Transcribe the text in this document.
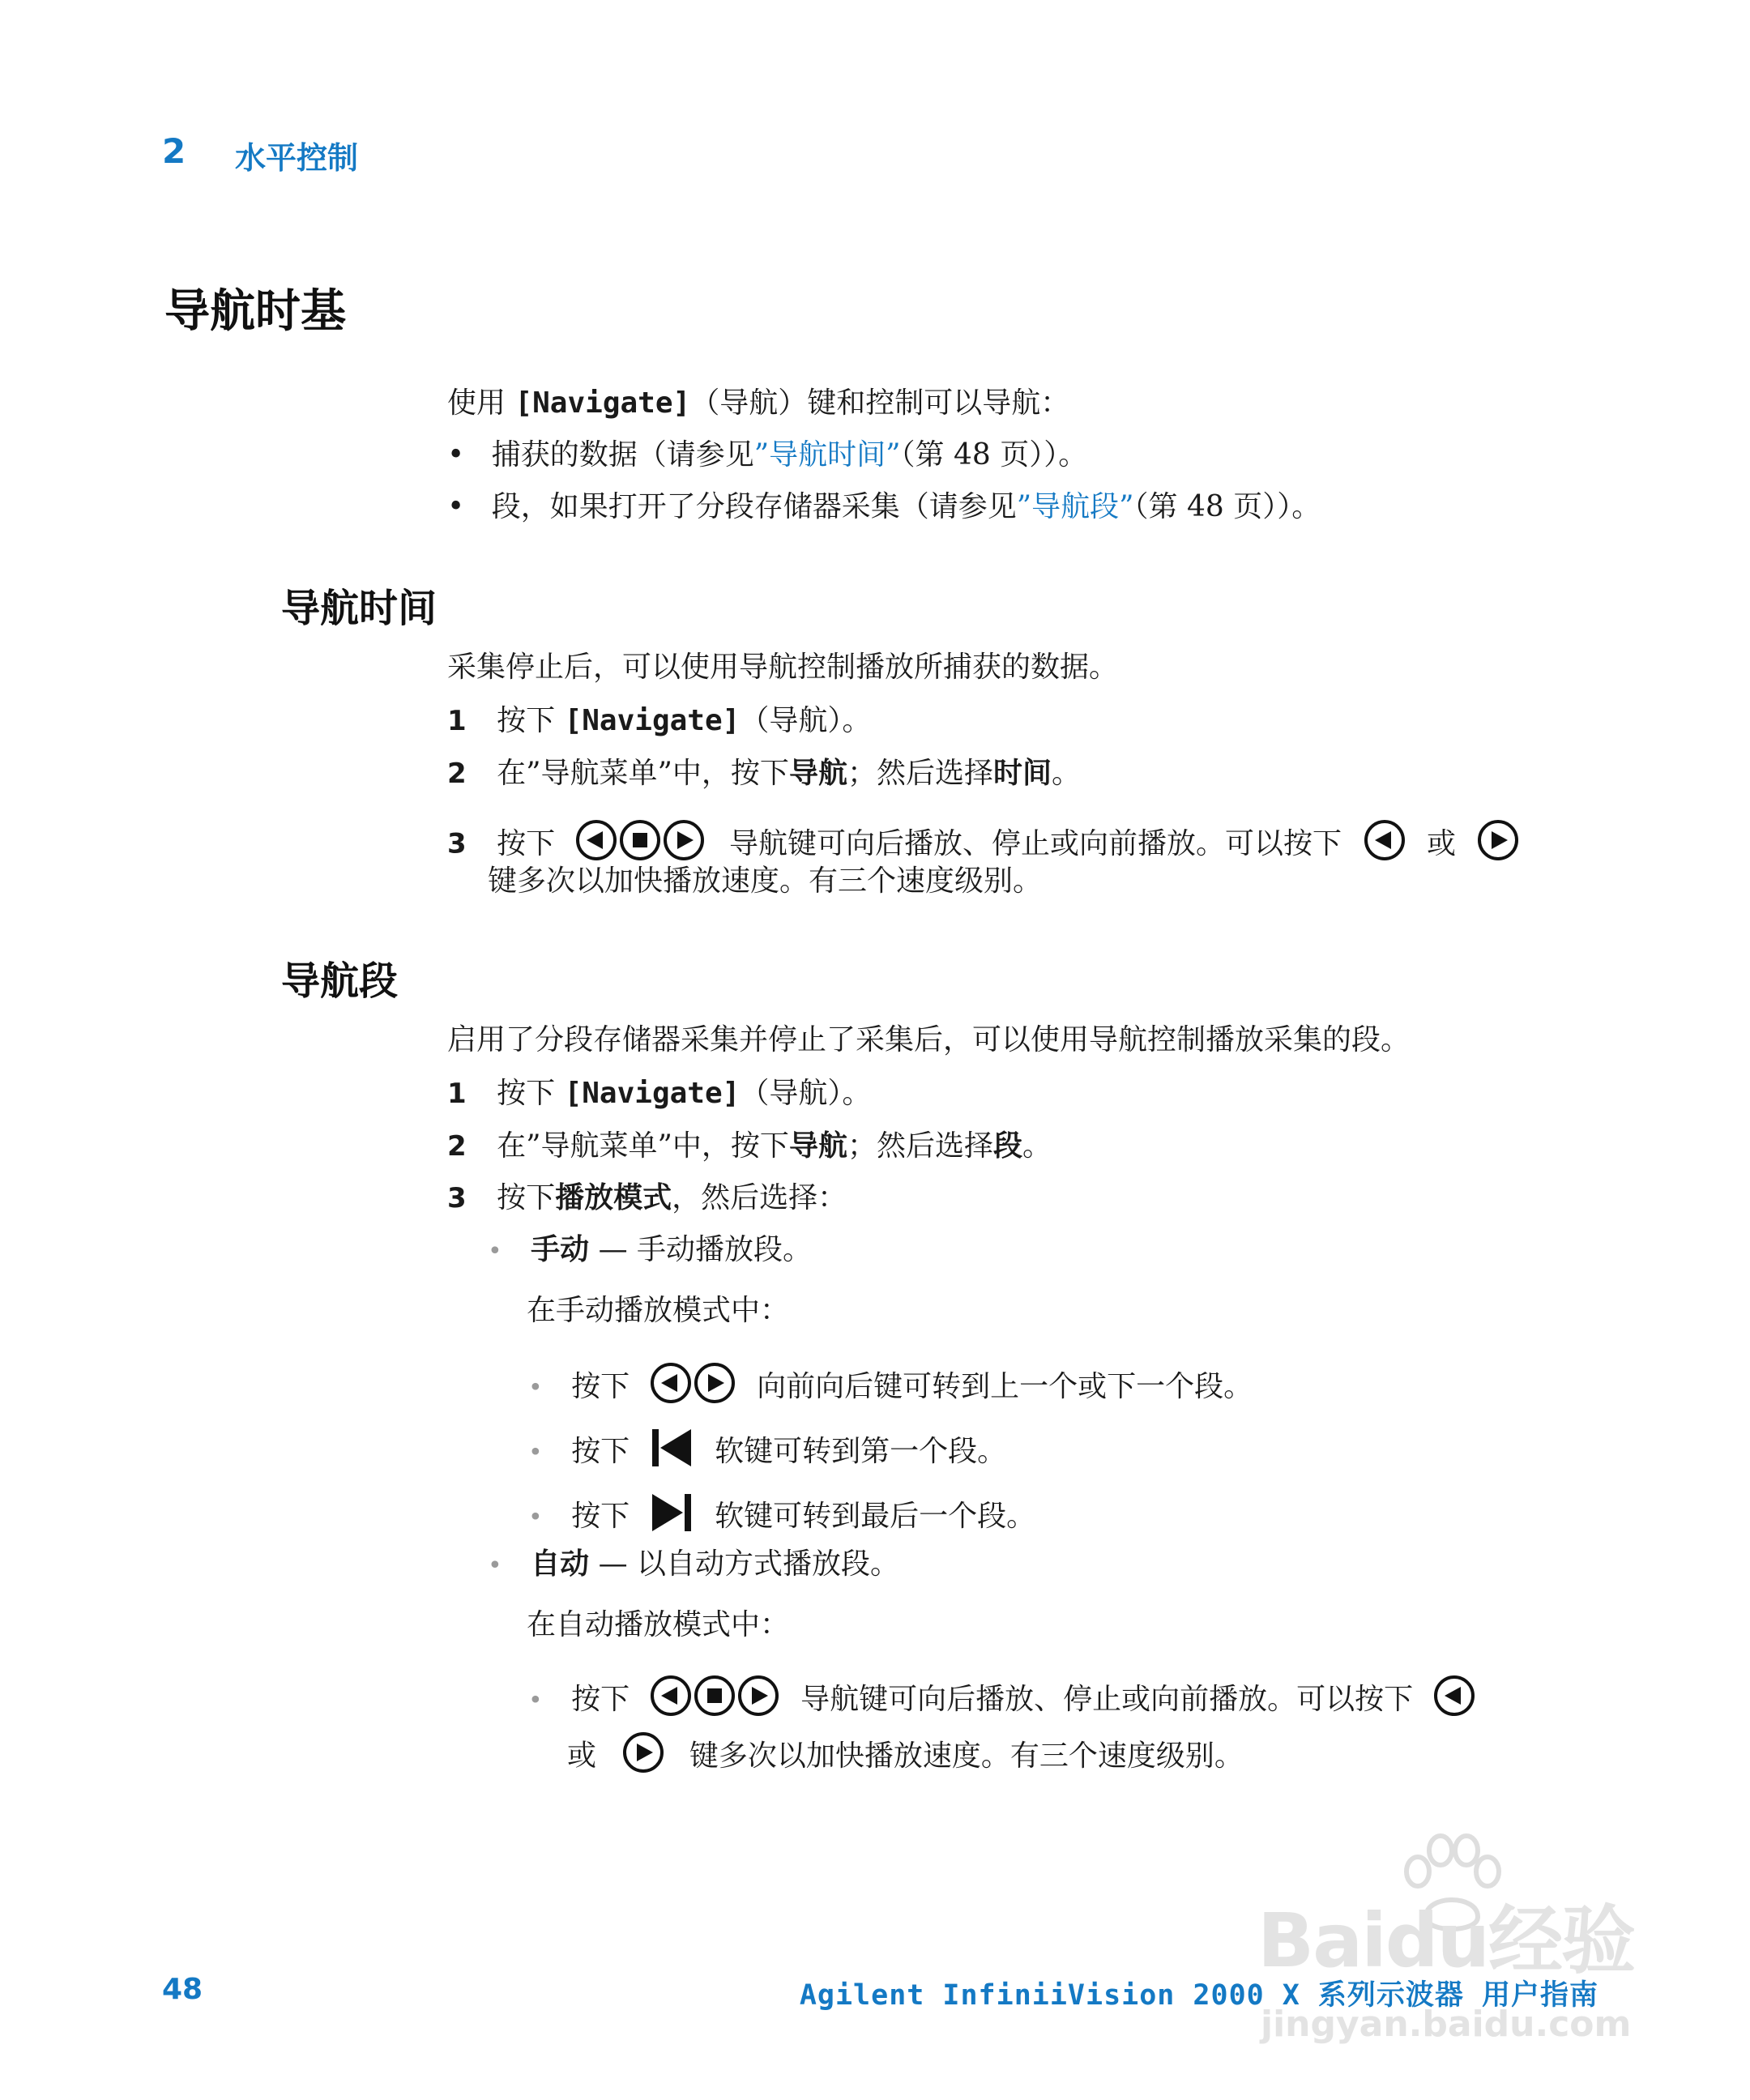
2 水平控制
导航时基
使用 [Navigate]（导航）键和控制可以导航：
• 捕获的数据（请参见”导航时间”（第 48 页））。
• 段，如果打开了分段存储器采集（请参见”导航段”（第 48 页））。
导航时间
采集停止后，可以使用导航控制播放所捕获的数据。
1 按下 [Navigate]（导航）。
2 在”导航菜单”中，按下导航；然后选择时间。
3 按下	导航键可向后播放、停止或向前播放。可以按下	或
键多次以加快播放速度。有三个速度级别。
导航段
启用了分段存储器采集并停止了采集后，可以使用导航控制播放采集的段。
1 按下 [Navigate]（导航）。
2 在”导航菜单”中，按下导航；然后选择段。
3 按下播放模式，然后选择：
• 手动 — 手动播放段。
在手动播放模式中：
• 按下	向前向后键可转到上一个或下一个段。
• 按下	软键可转到第一个段。
• 按下	软键可转到最后一个段。
• 自动 — 以自动方式播放段。
在自动播放模式中：
• 按下	导航键可向后播放、停止或向前播放。可以按下
或	键多次以加快播放速度。有三个速度级别。
Baidu经验
jingyan.baidu.com
48	Agilent InfiniiVision 2000 X 系列示波器 用户指南
